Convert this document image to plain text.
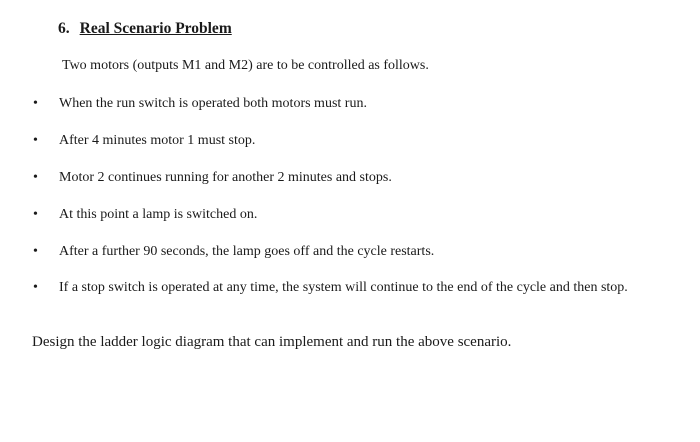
6. Real Scenario Problem
Two motors (outputs M1 and M2) are to be controlled as follows.
• When the run switch is operated both motors must run.
• After 4 minutes motor 1 must stop.
• Motor 2 continues running for another 2 minutes and stops.
• At this point a lamp is switched on.
• After a further 90 seconds, the lamp goes off and the cycle restarts.
• If a stop switch is operated at any time, the system will continue to the end of the cycle and then stop.
Design the ladder logic diagram that can implement and run the above scenario.
